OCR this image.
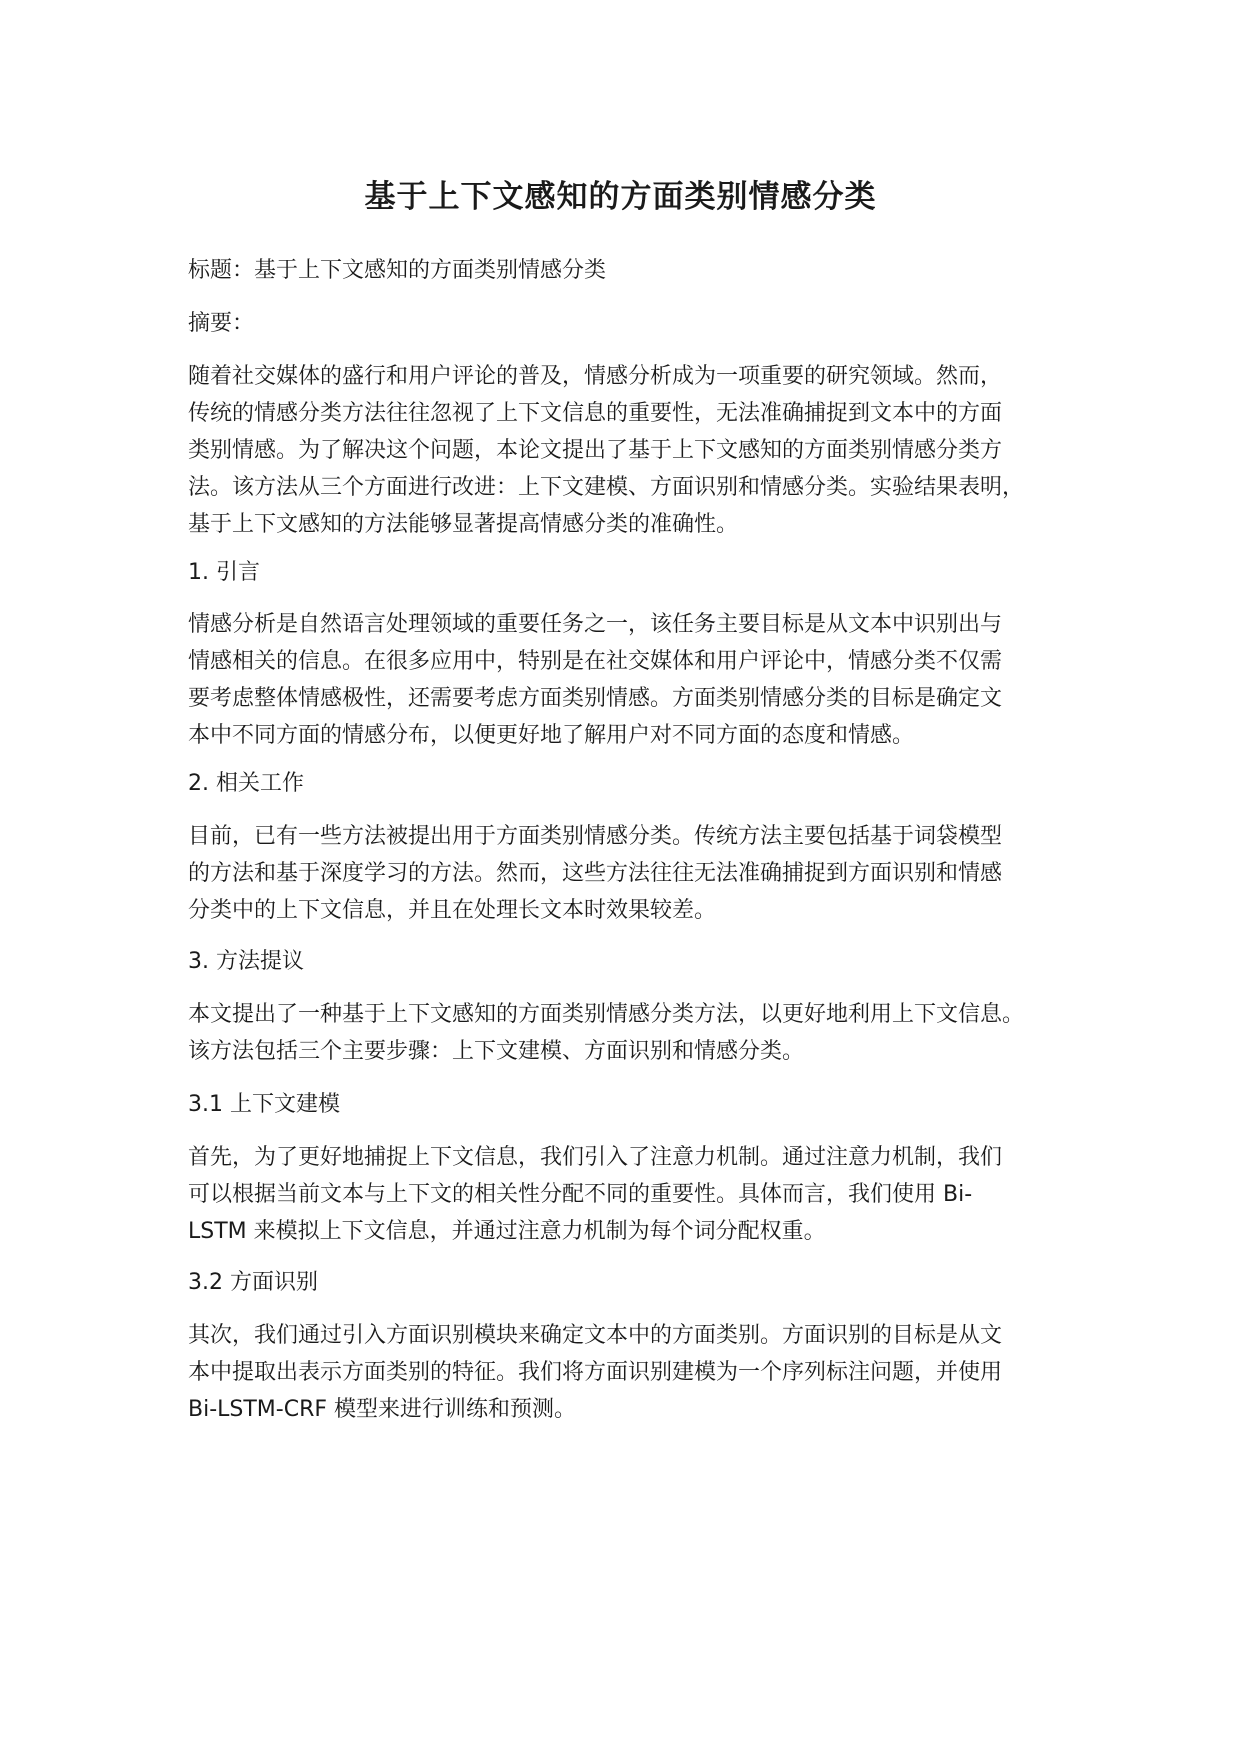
基于上下文感知的方面类别情感分类

标题：基于上下文感知的方面类别情感分类

摘要：

随着社交媒体的盛行和用户评论的普及，情感分析成为一项重要的研究领域。然而，
传统的情感分类方法往往忽视了上下文信息的重要性，无法准确捕捉到文本中的方面
类别情感。为了解决这个问题，本论文提出了基于上下文感知的方面类别情感分类方
法。该方法从三个方面进行改进：上下文建模、方面识别和情感分类。实验结果表明，
基于上下文感知的方法能够显著提高情感分类的准确性。

1. 引言

情感分析是自然语言处理领域的重要任务之一，该任务主要目标是从文本中识别出与
情感相关的信息。在很多应用中，特别是在社交媒体和用户评论中，情感分类不仅需
要考虑整体情感极性，还需要考虑方面类别情感。方面类别情感分类的目标是确定文
本中不同方面的情感分布，以便更好地了解用户对不同方面的态度和情感。

2. 相关工作

目前，已有一些方法被提出用于方面类别情感分类。传统方法主要包括基于词袋模型
的方法和基于深度学习的方法。然而，这些方法往往无法准确捕捉到方面识别和情感
分类中的上下文信息，并且在处理长文本时效果较差。

3. 方法提议

本文提出了一种基于上下文感知的方面类别情感分类方法，以更好地利用上下文信息。
该方法包括三个主要步骤：上下文建模、方面识别和情感分类。

3.1 上下文建模

首先，为了更好地捕捉上下文信息，我们引入了注意力机制。通过注意力机制，我们
可以根据当前文本与上下文的相关性分配不同的重要性。具体而言，我们使用 Bi-
LSTM 来模拟上下文信息，并通过注意力机制为每个词分配权重。

3.2 方面识别

其次，我们通过引入方面识别模块来确定文本中的方面类别。方面识别的目标是从文
本中提取出表示方面类别的特征。我们将方面识别建模为一个序列标注问题，并使用
Bi-LSTM-CRF 模型来进行训练和预测。
